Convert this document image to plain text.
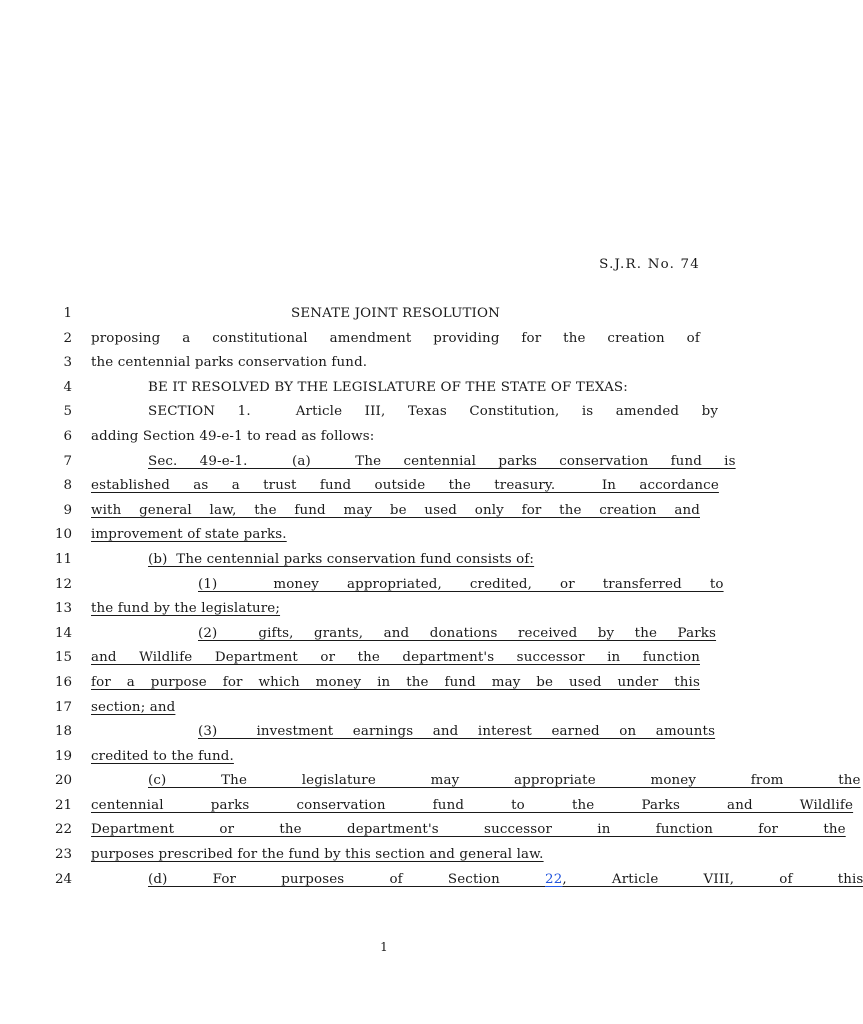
S.J.R. No. 74
1	SENATE JOINT RESOLUTION
2 proposing a constitutional amendment providing for the creation of
3 the centennial parks conservation fund.
4	BE IT RESOLVED BY THE LEGISLATURE OF THE STATE OF TEXAS:
5	SECTION 1.  Article III, Texas Constitution, is amended by
6 adding Section 49-e-1 to read as follows:
7	Sec. 49-e-1.  (a)  The centennial parks conservation fund is
8 established as a trust fund outside the treasury.  In accordance
9 with general law, the fund may be used only for the creation and
10 improvement of state parks.
11	(b)  The centennial parks conservation fund consists of:
12	(1)  money appropriated, credited, or transferred to
13 the fund by the legislature;
14	(2)  gifts, grants, and donations received by the Parks
15 and Wildlife Department or the department's successor in function
16 for a purpose for which money in the fund may be used under this
17 section; and
18	(3)  investment earnings and interest earned on amounts
19 credited to the fund.
20	(c)  The  legislature  may  appropriate  money  from  the
21 centennial  parks  conservation  fund  to  the  Parks  and  Wildlife
22 Department  or  the  department's  successor  in  function  for  the
23 purposes prescribed for the fund by this section and general law.
24	(d)  For  purposes  of  Section  22,  Article  VIII,  of  this
1
